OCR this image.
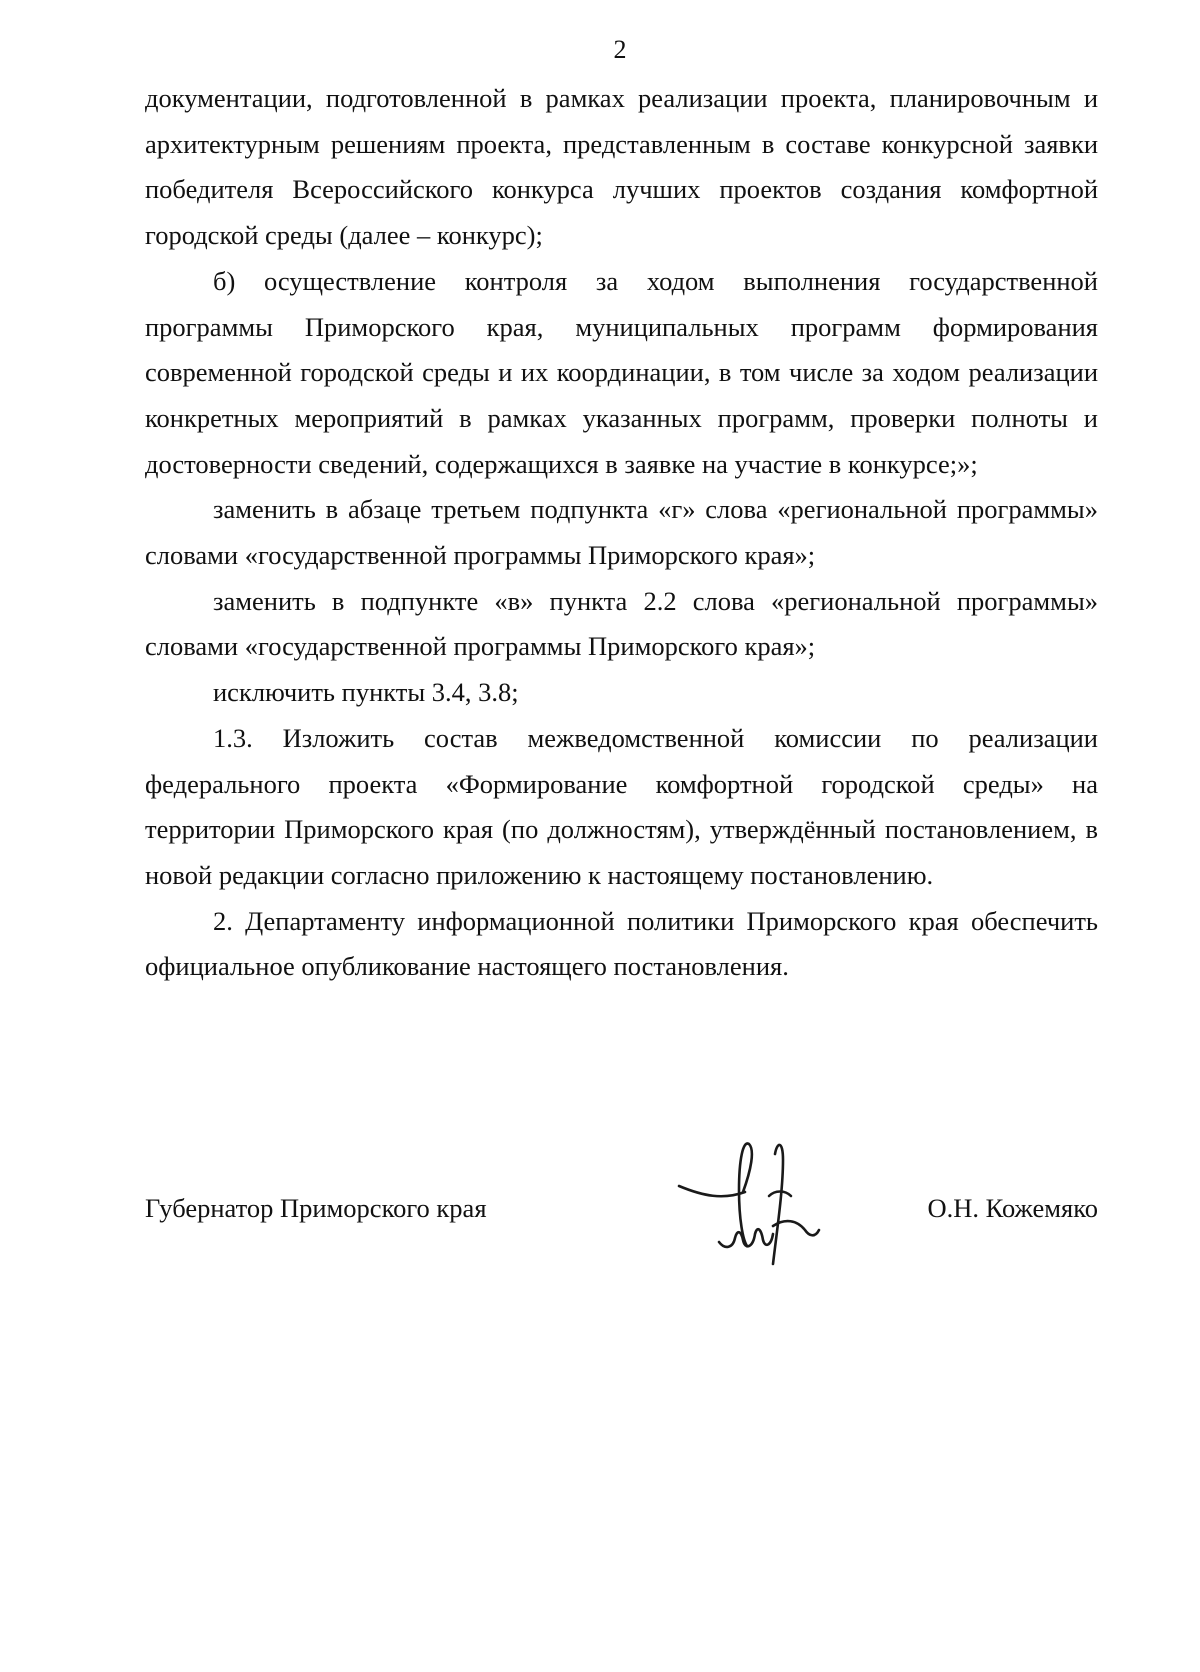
2

документации, подготовленной в рамках реализации проекта, планировочным и архитектурным решениям проекта, представленным в составе конкурсной заявки победителя Всероссийского конкурса лучших проектов создания комфортной городской среды (далее – конкурс);

б) осуществление контроля за ходом выполнения государственной программы Приморского края, муниципальных программ формирования современной городской среды и их координации, в том числе за ходом реализации конкретных мероприятий в рамках указанных программ, проверки полноты и достоверности сведений, содержащихся в заявке на участие в конкурсе;»;

заменить в абзаце третьем подпункта «г» слова «региональной программы» словами «государственной программы Приморского края»;

заменить в подпункте «в» пункта 2.2 слова «региональной программы» словами «государственной программы Приморского края»;

исключить пункты 3.4, 3.8;

1.3. Изложить состав межведомственной комиссии по реализации федерального проекта «Формирование комфортной городской среды» на территории Приморского края (по должностям), утверждённый постановлением, в новой редакции согласно приложению к настоящему постановлению.

2. Департаменту информационной политики Приморского края обеспечить официальное опубликование настоящего постановления.

Губернатор Приморского края	О.Н. Кожемяко
